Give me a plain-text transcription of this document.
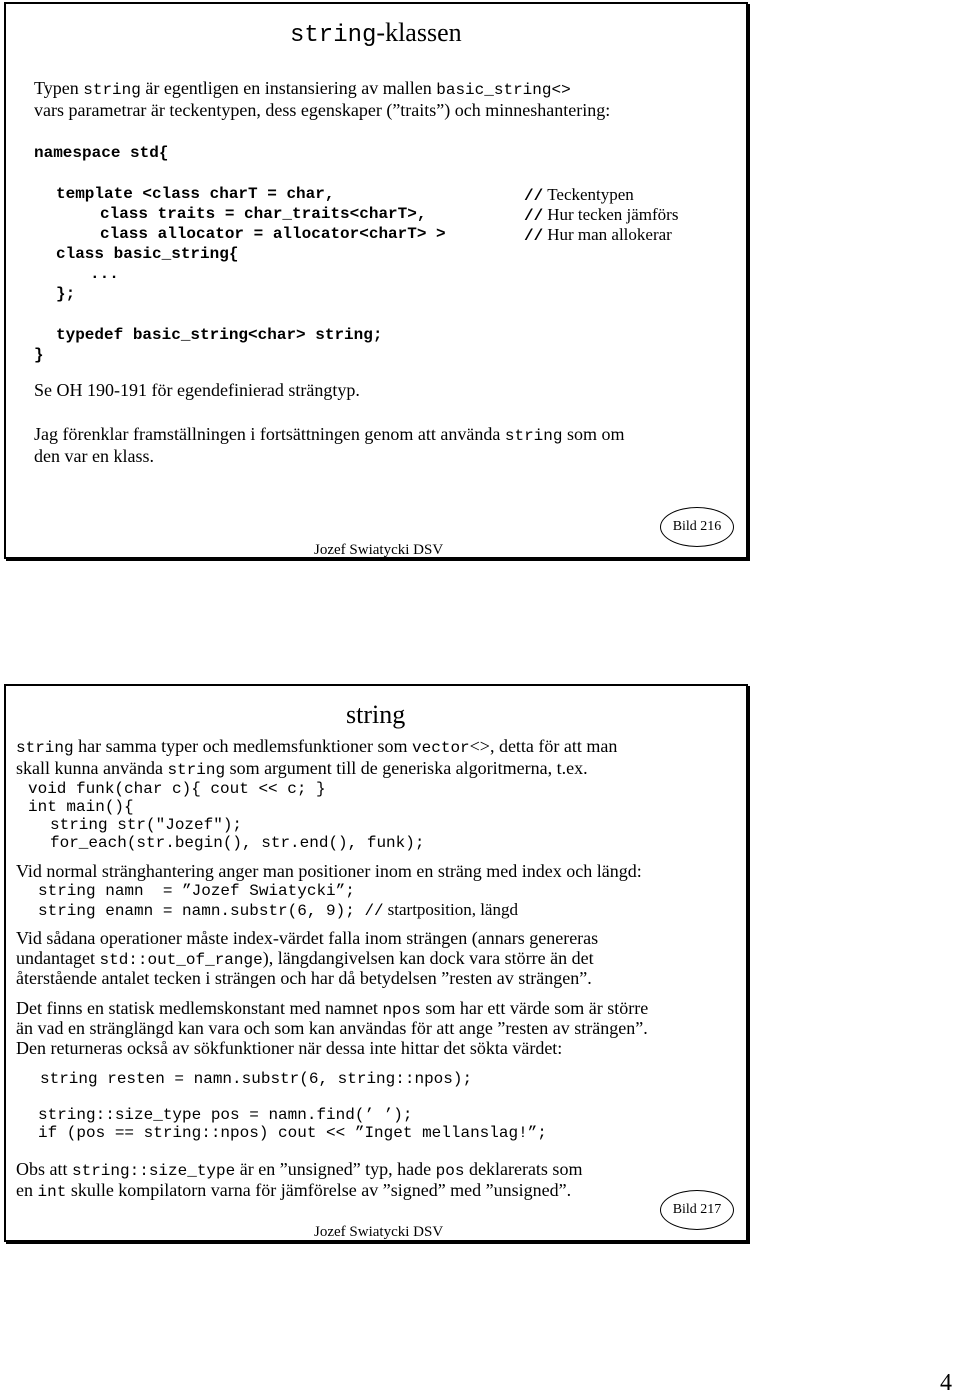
string-klassen
Typen string är egentligen en instansiering av mallen basic_string<>
vars parametrar är teckentypen, dess egenskaper (”traits”) och minneshantering:
namespace std{
template <class charT = char,
class traits = char_traits<charT>,
class allocator = allocator<charT> >
class basic_string{
...
};
typedef basic_string<char> string;
}
// Teckentypen
// Hur tecken jämförs
// Hur man allokerar
Se OH 190-191 för egendefinierad strängtyp.
Jag förenklar framställningen i fortsättningen genom att använda string som om
den var en klass.
Jozef Swiatycki DSV
Bild 216
string
string har samma typer och medlemsfunktioner som vector<>, detta för att man
skall kunna använda string som argument till de generiska algoritmerna, t.ex.
void funk(char c){ cout << c; }
int main(){
string str("Jozef");
for_each(str.begin(), str.end(), funk);
Vid normal stränghantering anger man positioner inom en sträng med index och längd:
string namn  = ”Jozef Swiatycki”;
string enamn = namn.substr(6, 9); // startposition, längd
Vid sådana operationer måste index-värdet falla inom strängen (annars genereras
undantaget std::out_of_range), längdangivelsen kan dock vara större än det
återstående antalet tecken i strängen och har då betydelsen ”resten av strängen”.
Det finns en statisk medlemskonstant med namnet npos som har ett värde som är större
än vad en stränglängd kan vara och som kan användas för att ange ”resten av strängen”.
Den returneras också av sökfunktioner när dessa inte hittar det sökta värdet:
string resten = namn.substr(6, string::npos);
string::size_type pos = namn.find(’ ’);
if (pos == string::npos) cout << ”Inget mellanslag!”;
Obs att string::size_type är en ”unsigned” typ, hade pos deklarerats som
en int skulle kompilatorn varna för jämförelse av ”signed” med ”unsigned”.
Jozef Swiatycki DSV
Bild 217
4
